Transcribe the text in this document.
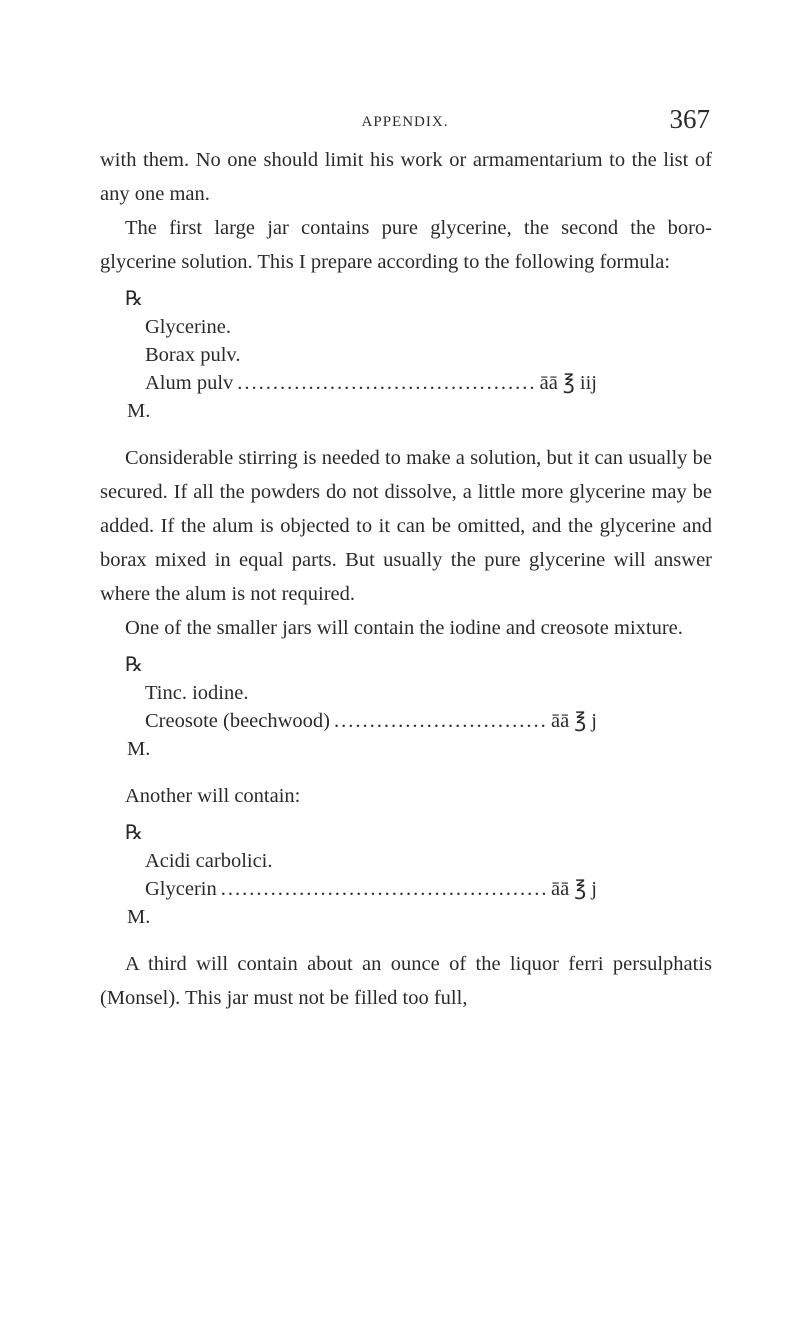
APPENDIX.	367

with them. No one should limit his work or armamentarium to the list of any one man.

The first large jar contains pure glycerine, the second the boro-glycerine solution. This I prepare according to the following formula:

℞
Glycerine.
Borax pulv.
Alum pulv .....	āā ℥ iij
M.

Considerable stirring is needed to make a solution, but it can usually be secured. If all the powders do not dissolve, a little more glycerine may be added. If the alum is objected to it can be omitted, and the glycerine and borax mixed in equal parts. But usually the pure glycerine will answer where the alum is not required.

One of the smaller jars will contain the iodine and creosote mixture.

℞
Tinc. iodine.
Creosote (beechwood) .....	āā ℥ j
M.

Another will contain:

℞
Acidi carbolici.
Glycerin .....	āā ℥ j
M.

A third will contain about an ounce of the liquor ferri persulphatis (Monsel). This jar must not be filled too full,
